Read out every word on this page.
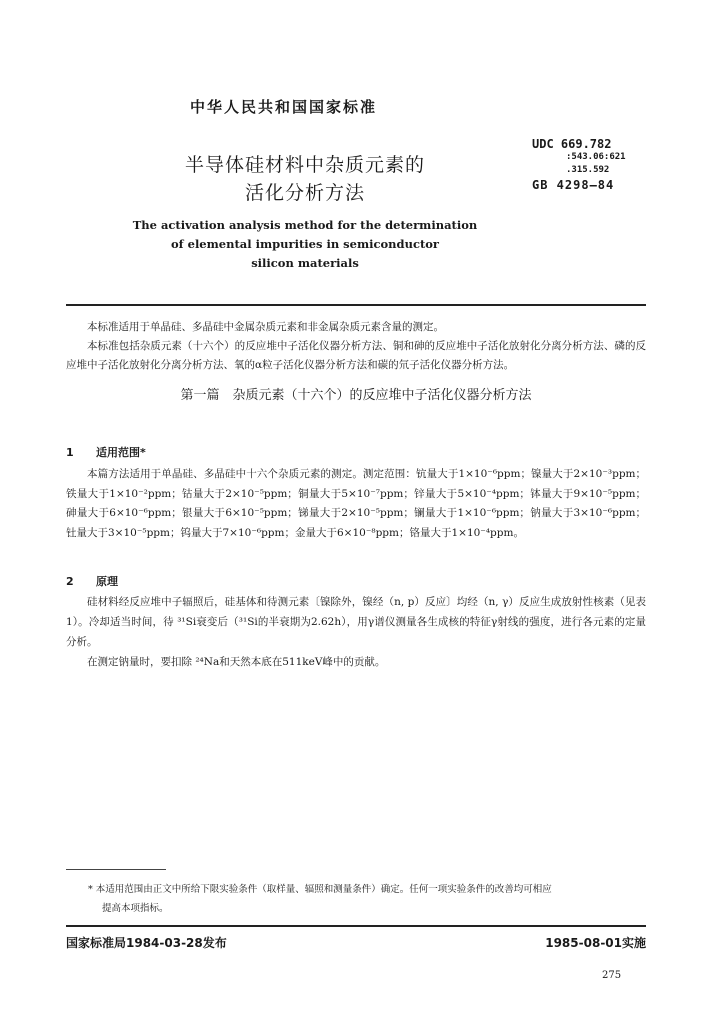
中华人民共和国国家标准
半导体硅材料中杂质元素的
活化分析方法
UDC 669.782
:543.06:621
.315.592
GB 4298—84
The activation analysis method for the determination
of elemental impurities in semiconductor
silicon materials

本标准适用于单晶硅、多晶硅中金属杂质元素和非金属杂质元素含量的测定。

本标准包括杂质元素（十六个）的反应堆中子活化仪器分析方法、铜和砷的反应堆中子活化放射化分离分析方法、磷的反应堆中子活化放射化分离分析方法、氧的α粒子活化仪器分析方法和碳的氘子活化仪器分析方法。

第一篇　杂质元素（十六个）的反应堆中子活化仪器分析方法
1 适用范围*

本篇方法适用于单晶硅、多晶硅中十六个杂质元素的测定。测定范围：钪量大于1×10⁻⁶ppm；镍量大于2×10⁻³ppm；铁量大于1×10⁻²ppm；钴量大于2×10⁻⁵ppm；铜量大于5×10⁻⁷ppm；锌量大于5×10⁻⁴ppm；钵量大于9×10⁻⁵ppm；砷量大于6×10⁻⁶ppm；银量大于6×10⁻⁵ppm；锑量大于2×10⁻⁵ppm；镧量大于1×10⁻⁶ppm；钠量大于3×10⁻⁶ppm；钍量大于3×10⁻⁵ppm；钨量大于7×10⁻⁶ppm；金量大于6×10⁻⁸ppm；铬量大于1×10⁻⁴ppm。

2 原理

硅材料经反应堆中子辐照后，硅基体和待测元素〔镍除外，镍经（n, p）反应〕均经（n, γ）反应生成放射性核素（见表1）。冷却适当时间，待 ³¹Si衰变后（³¹Si的半衰期为2.62h），用γ谱仪测量各生成核的特征γ射线的强度，进行各元素的定量分析。

在测定钠量时，要扣除 ²⁴Na和天然本底在511keV峰中的贡献。

* 本适用范围由正文中所给下限实验条件（取样量、辐照和测量条件）确定。任何一项实验条件的改善均可相应
提高本项指标。
国家标准局1984-03-28发布	1985-08-01实施
275
